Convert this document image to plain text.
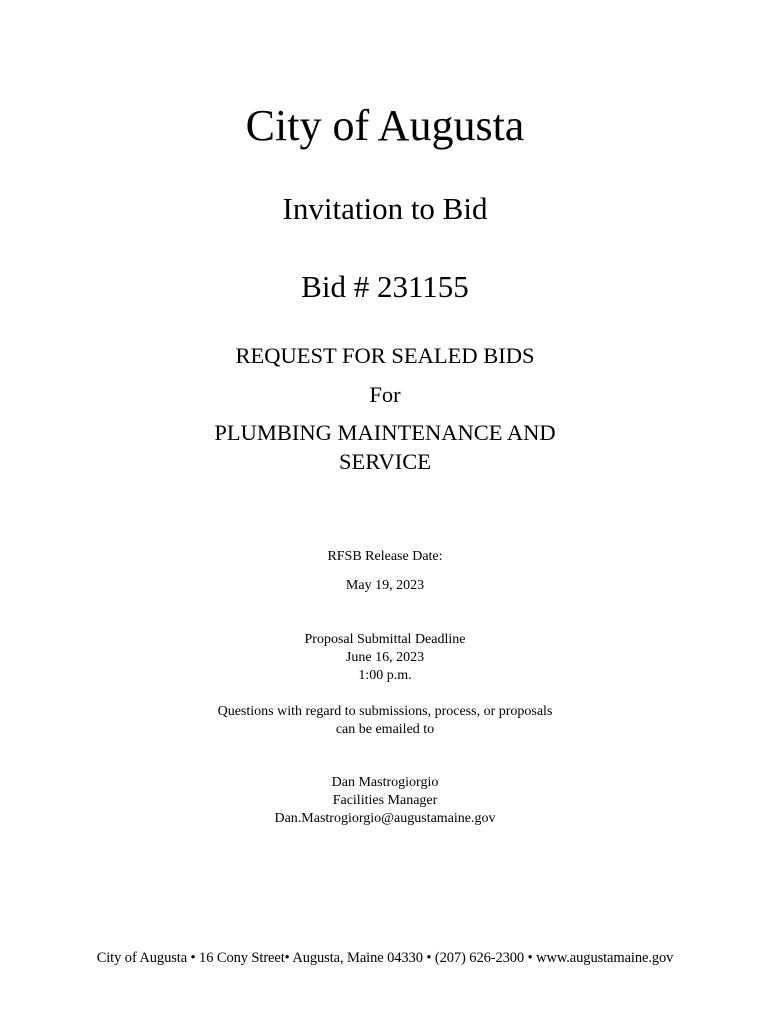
City of Augusta
Invitation to Bid
Bid # 231155
REQUEST FOR SEALED BIDS
For
PLUMBING MAINTENANCE AND
SERVICE
RFSB Release Date:
May 19, 2023
Proposal Submittal Deadline
June 16, 2023
1:00 p.m.
Questions with regard to submissions, process, or proposals
can be emailed to
Dan Mastrogiorgio
Facilities Manager
Dan.Mastrogiorgio@augustamaine.gov
City of Augusta • 16 Cony Street• Augusta, Maine 04330 • (207) 626-2300 • www.augustamaine.gov
